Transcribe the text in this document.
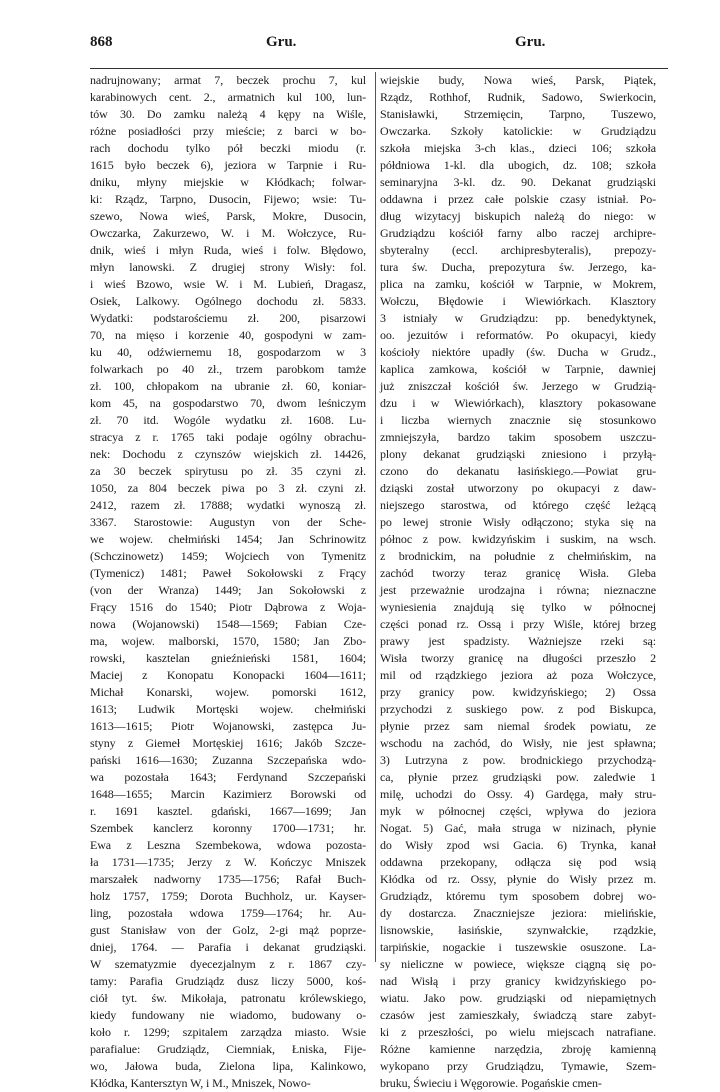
868	Gru.	Gru.
nadrujnowany; armat 7, beczek prochu 7, kul
karabinowych cent. 2., armatnich kul 100, lun-
tów 30. Do zamku należą 4 kępy na Wiśle,
różne posiadłości przy mieście; z barci w bo-
rach dochodu tylko pół beczki miodu (r.
1615 było beczek 6), jeziora w Tarpnie i Ru-
dniku, młyny miejskie w Kłódkach; folwar-
ki: Rządz, Tarpno, Dusocin, Fijewo; wsie: Tu-
szewo, Nowa wieś, Parsk, Mokre, Dusocin,
Owczarka, Zakurzewo, W. i M. Wołczyce, Ru-
dnik, wieś i młyn Ruda, wieś i folw. Błędowo,
młyn lanowski. Z drugiej strony Wisły: fol.
i wieś Bzowo, wsie W. i M. Lubień, Dragasz,
Osiek, Lalkowy. Ogólnego dochodu zł. 5833.
Wydatki: podstarościemu zł. 200, pisarzowi
70, na mięso i korzenie 40, gospodyni w zam-
ku 40, odźwiernemu 18, gospodarzom w 3
folwarkach po 40 zł., trzem parobkom tamże
zł. 100, chłopakom na ubranie zł. 60, koniar-
kom 45, na gospodarstwo 70, dwom leśniczym
zł. 70 itd. Wogóle wydatku zł. 1608. Lu-
stracya z r. 1765 taki podaje ogólny obrachu-
nek: Dochodu z czynszów wiejskich zł. 14426,
za 30 beczek spirytusu po zł. 35 czyni zł.
1050, za 804 beczek piwa po 3 zł. czyni zł.
2412, razem zł. 17888; wydatki wynoszą zł.
3367. Starostowie: Augustyn von der Sche-
we wojew. chełmiński 1454; Jan Schrinowitz
(Schczinowetz) 1459; Wojciech von Tymenitz
(Tymenicz) 1481; Paweł Sokołowski z Frący
(von der Wranza) 1449; Jan Sokołowski z
Frący 1516 do 1540; Piotr Dąbrowa z Woja-
nowa (Wojanowski) 1548—1569; Fabian Cze-
ma, wojew. malborski, 1570, 1580; Jan Zbo-
rowski, kasztelan gnieźnieński 1581, 1604;
Maciej z Konopatu Konopacki 1604—1611;
Michał Konarski, wojew. pomorski 1612,
1613; Ludwik Mortęski wojew. chełmiński
1613—1615; Piotr Wojanowski, zastępca Ju-
styny z Giemeł Mortęskiej 1616; Jakób Szcze-
pański 1616—1630; Zuzanna Szczepańska wdo-
wa pozostała 1643; Ferdynand Szczepański
1648—1655; Marcin Kazimierz Borowski od
r. 1691 kasztel. gdański, 1667—1699; Jan
Szembek kanclerz koronny 1700—1731; hr.
Ewa z Leszna Szembekowa, wdowa pozosta-
ła 1731—1735; Jerzy z W. Kończyc Mniszek
marszałek nadworny 1735—1756; Rafał Buch-
holz 1757, 1759; Dorota Buchholz, ur. Kayser-
ling, pozostała wdowa 1759—1764; hr. Au-
gust Stanisław von der Golz, 2-gi mąż poprze-
dniej, 1764. — Parafia i dekanat grudziąski.
W szematyzmie dyecezjalnym z r. 1867 czy-
tamy: Parafia Grudziądz dusz liczy 5000, koś-
ciół tyt. św. Mikołaja, patronatu królewskiego,
kiedy fundowany nie wiadomo, budowany o-
koło r. 1299; szpitalem zarządza miasto. Wsie
parafialue: Grudziądz, Ciemniak, Łniska, Fije-
wo, Jałowa buda, Zielona lipa, Kalinkowo,
Kłódka, Kantersztyn W, i M., Mniszek, Nowo-
wiejskie budy, Nowa wieś, Parsk, Piątek,
Rządz, Rothhof, Rudnik, Sadowo, Swierkocin,
Stanisławki, Strzemięcin, Tarpno, Tuszewo,
Owczarka. Szkoły katolickie: w Grudziądzu
szkoła miejska 3-ch klas., dzieci 106; szkoła
półdniowa 1-kl. dla ubogich, dz. 108; szkoła
seminaryjna 3-kl. dz. 90. Dekanat grudziąski
oddawna i przez całe polskie czasy istniał. Po-
dług wizytacyj biskupich należą do niego: w
Grudziądzu kościół farny albo raczej archipre-
sbyteralny (eccl. archipresbyteralis), prepozy-
tura św. Ducha, prepozytura św. Jerzego, ka-
plica na zamku, kościół w Tarpnie, w Mokrem,
Wołczu, Błędowie i Wiewiórkach. Klasztory
3 istniały w Grudziądzu: pp. benedyktynek,
oo. jezuitów i reformatów. Po okupacyi, kiedy
kościoły niektóre upadły (św. Ducha w Grudz.,
kaplica zamkowa, kościół w Tarpnie, dawniej
już zniszczał kościół św. Jerzego w Grudzią-
dzu i w Wiewiórkach), klasztory pokasowane
i liczba wiernych znacznie się stosunkowo
zmniejszyła, bardzo takim sposobem uszczu-
plony dekanat grudziąski zniesiono i przyłą-
czono do dekanatu łasińskiego.—Powiat gru-
dziąski został utworzony po okupacyi z daw-
niejszego starostwa, od którego część leżącą
po lewej stronie Wisły odłączono; styka się na
północ z pow. kwidzyńskim i suskim, na wsch.
z brodnickim, na południe z chełmińskim, na
zachód tworzy teraz granicę Wisła. Gleba
jest przeważnie urodzajna i równa; nieznaczne
wyniesienia znajdują się tylko w północnej
części ponad rz. Ossą i przy Wiśle, której brzeg
prawy jest spadzisty. Ważniejsze rzeki są:
Wisła tworzy granicę na długości przeszło 2
mil od rządzkiego jeziora aż poza Wołczyce,
przy granicy pow. kwidzyńskiego; 2) Ossa
przychodzi z suskiego pow. z pod Biskupca,
płynie przez sam niemal środek powiatu, ze
wschodu na zachód, do Wisły, nie jest spławna;
3) Lutrzyna z pow. brodnickiego przychodzą-
ca, płynie przez grudziąski pow. zaledwie 1
milę, uchodzi do Ossy. 4) Gardęga, mały stru-
myk w północnej części, wpływa do jeziora
Nogat. 5) Gać, mała struga w nizinach, płynie
do Wisły zpod wsi Gacia. 6) Trynka, kanał
oddawna przekopany, odłącza się pod wsią
Kłódka od rz. Ossy, płynie do Wisły przez m.
Grudziądz, któremu tym sposobem dobrej wo-
dy dostarcza. Znaczniejsze jeziora: mielińskie,
lisnowskie, łasińskie, szynwałckie, rządzkie,
tarpińskie, nogackie i tuszewskie osuszone. La-
sy nieliczne w powiece, większe ciągną się po-
nad Wisłą i przy granicy kwidzyńskiego po-
wiatu. Jako pow. grudziąski od niepamiętnych
czasów jest zamieszkały, świadczą stare zabyt-
ki z przeszłości, po wielu miejscach natrafiane.
Różne kamienne narzędzia, zbroję kamienną
wykopano przy Grudziądzu, Tymawie, Szem-
bruku, Świeciu i Węgorowie. Pogańskie cmen-
